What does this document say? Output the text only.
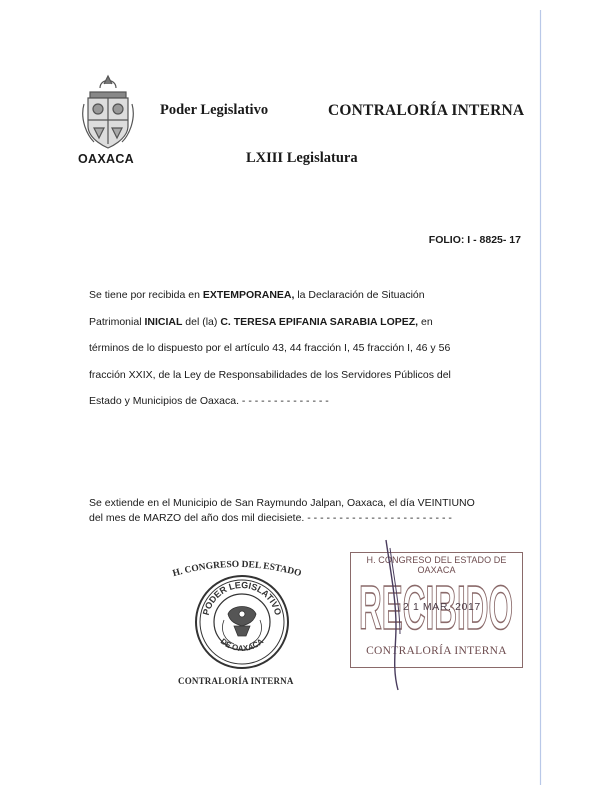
OAXACA
Poder Legislativo	CONTRALORÍA INTERNA
LXIII Legislatura
FOLIO: I - 8825- 17
Se tiene por recibida en EXTEMPORANEA, la Declaración de Situación
Patrimonial INICIAL del (la) C. TERESA EPIFANIA SARABIA LOPEZ, en
términos de lo dispuesto por el artículo 43, 44 fracción I, 45 fracción I, 46 y 56
fracción XXIX, de la Ley de Responsabilidades de los Servidores Públicos del
Estado y Municipios de Oaxaca. - - - - - - - - - - - - - -
Se extiende en el Municipio de San Raymundo Jalpan, Oaxaca, el día VEINTIUNO
del mes de MARZO del año dos mil diecisiete. - - - - - - - - - - - - - - - - - - - - - - -
H. CONGRESO DEL ESTADO
PODER LEGISLATIVO
DE OAXACA
CONTRALORÍA INTERNA
H. CONGRESO DEL ESTADO DE OAXACA
RECIBIDO
2 1 MAR. 2017
CONTRALORÍA INTERNA
